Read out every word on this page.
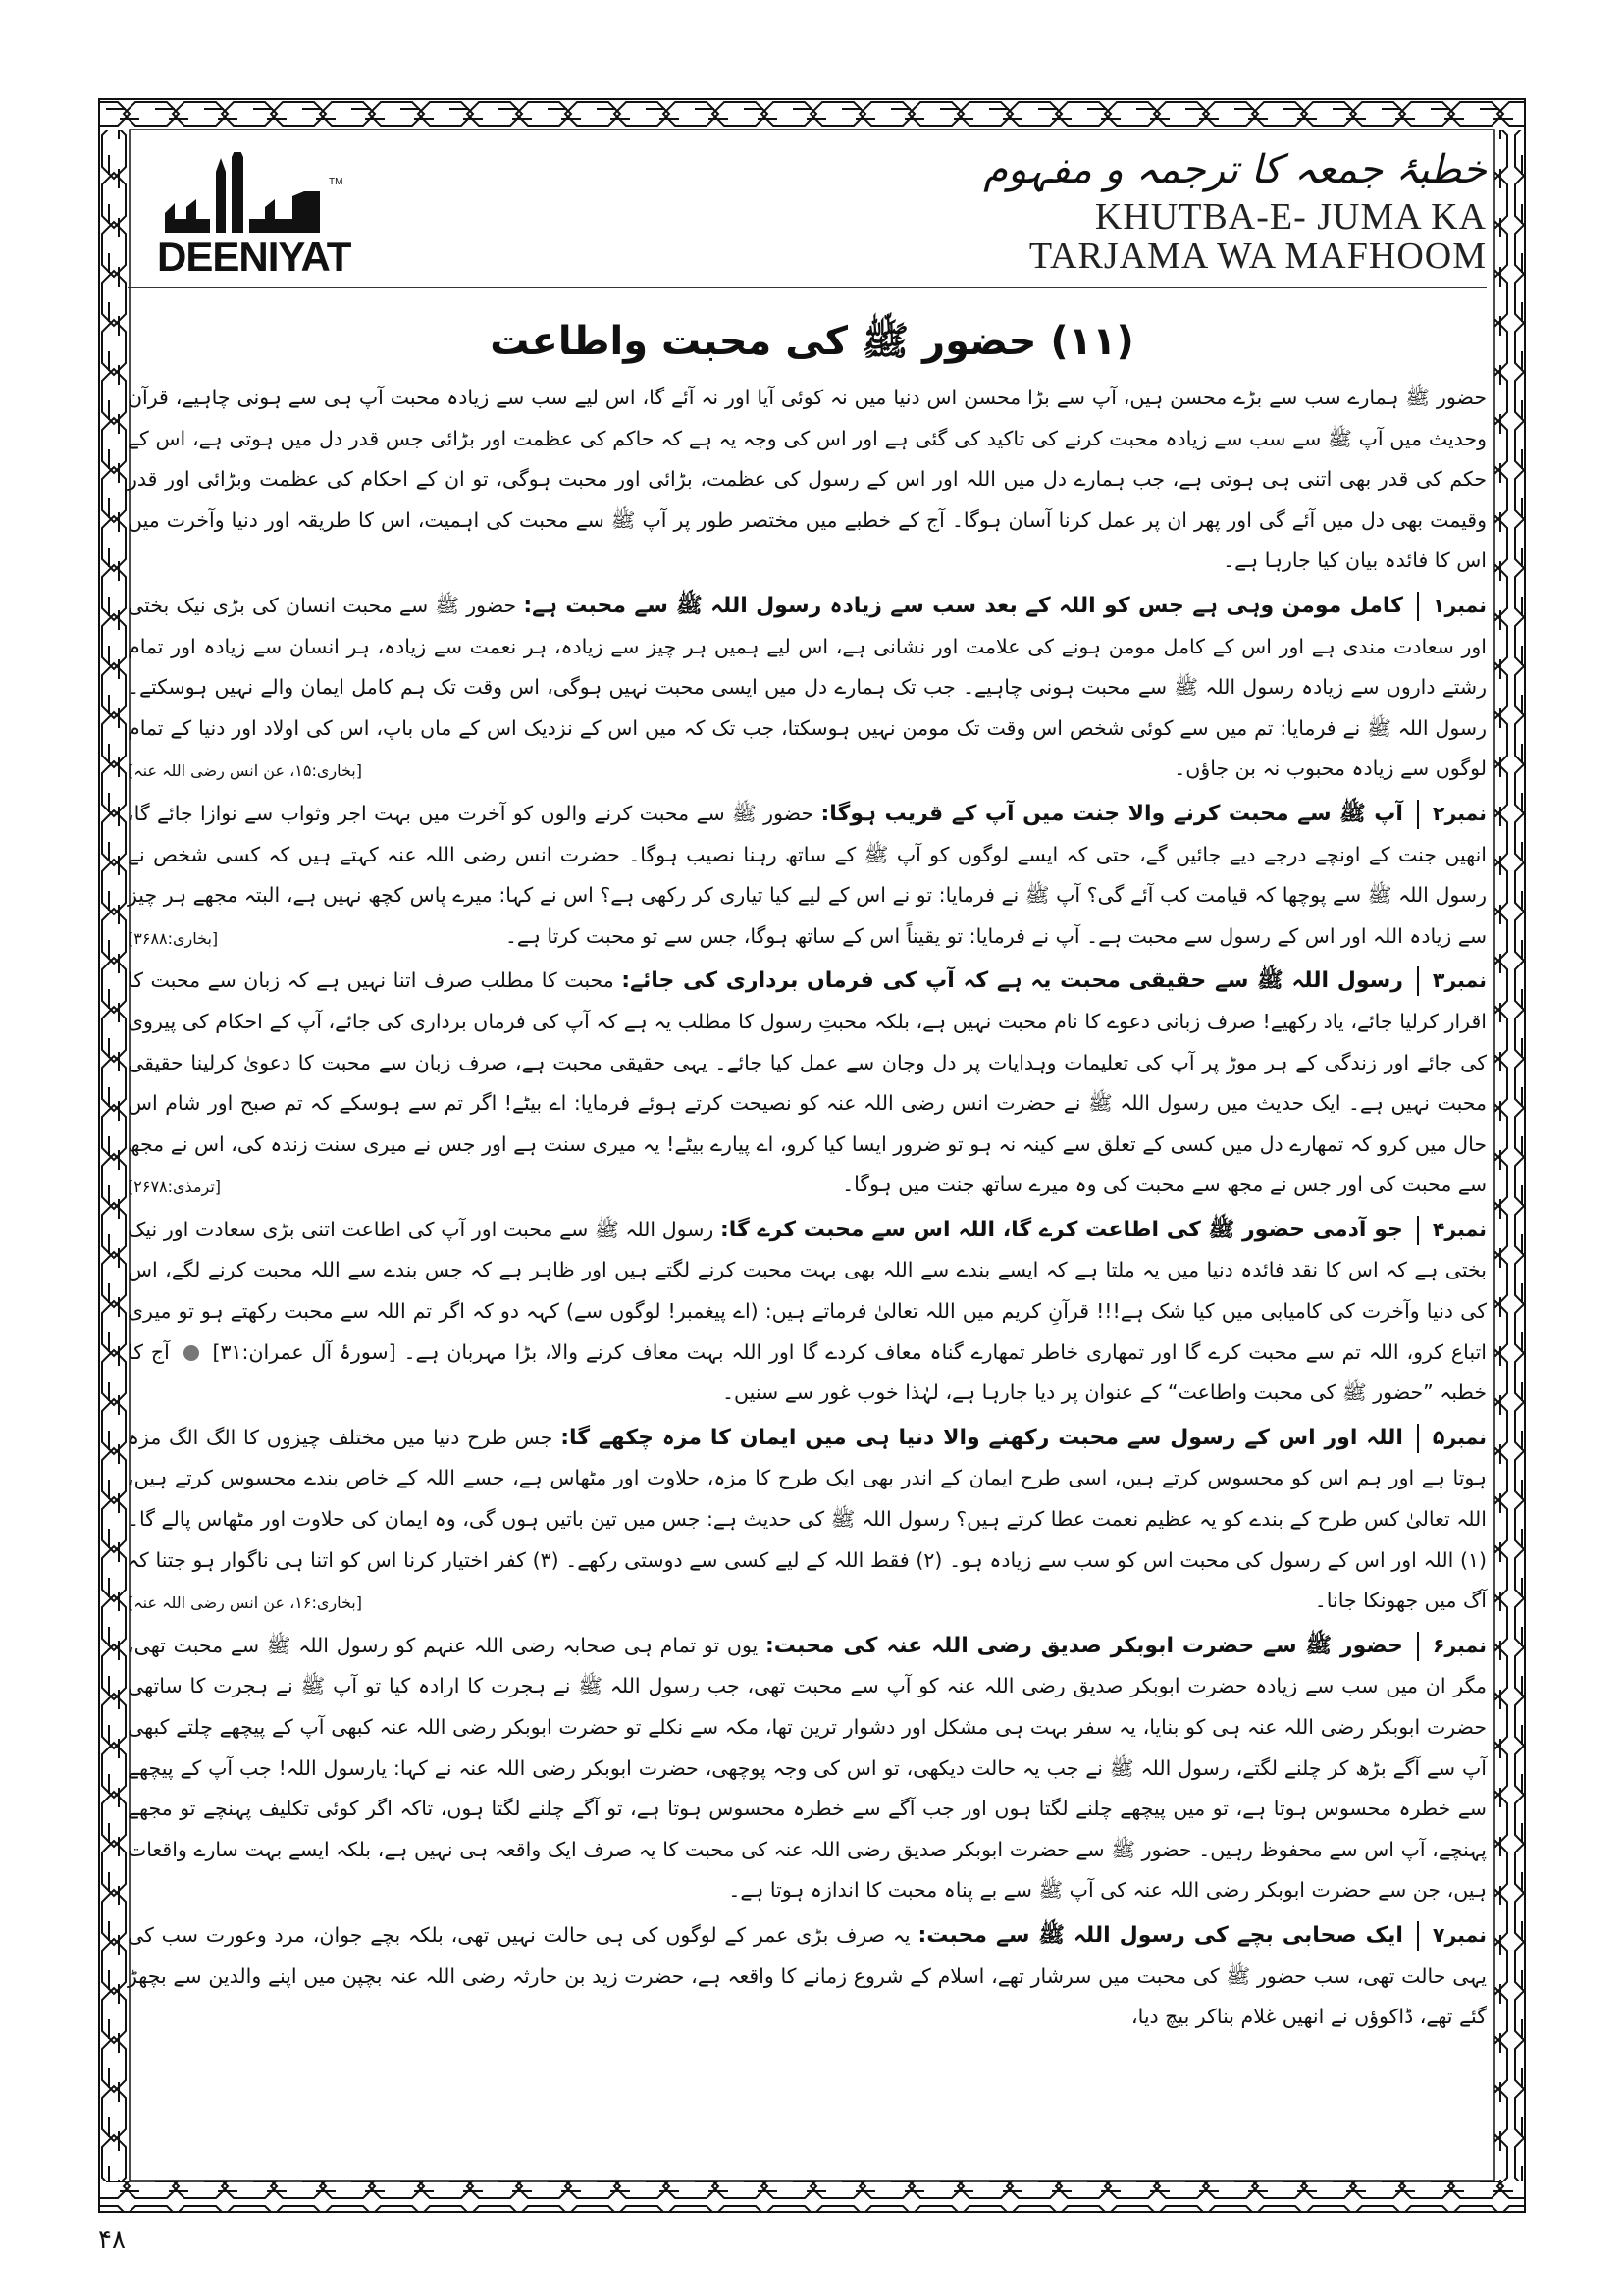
TM
DEENIYAT
خطبۂ جمعہ کا ترجمہ و مفہوم
KHUTBA-E- JUMA KA
TARJAMA WA MAFHOOM
(۱۱) حضور ﷺ کی محبت واطاعت

حضور ﷺ ہمارے سب سے بڑے محسن ہیں، آپ سے بڑا محسن اس دنیا میں نہ کوئی آیا اور نہ آئے گا، اس لیے سب سے زیادہ محبت آپ ہی سے ہونی چاہیے، قرآن وحدیث میں آپ ﷺ سے سب سے زیادہ محبت کرنے کی تاکید کی گئی ہے اور اس کی وجہ یہ ہے کہ حاکم کی عظمت اور بڑائی جس قدر دل میں ہوتی ہے، اس کے حکم کی قدر بھی اتنی ہی ہوتی ہے، جب ہمارے دل میں اللہ اور اس کے رسول کی عظمت، بڑائی اور محبت ہوگی، تو ان کے احکام کی عظمت وبڑائی اور قدر وقیمت بھی دل میں آئے گی اور پھر ان پر عمل کرنا آسان ہوگا۔ آج کے خطبے میں مختصر طور پر آپ ﷺ سے محبت کی اہمیت، اس کا طریقہ اور دنیا وآخرت میں اس کا فائدہ بیان کیا جارہا ہے۔

نمبر۱کامل مومن وہی ہے جس کو اللہ کے بعد سب سے زیادہ رسول اللہ ﷺ سے محبت ہے: حضور ﷺ سے محبت انسان کی بڑی نیک بختی اور سعادت مندی ہے اور اس کے کامل مومن ہونے کی علامت اور نشانی ہے، اس لیے ہمیں ہر چیز سے زیادہ، ہر نعمت سے زیادہ، ہر انسان سے زیادہ اور تمام رشتے داروں سے زیادہ رسول اللہ ﷺ سے محبت ہونی چاہیے۔ جب تک ہمارے دل میں ایسی محبت نہیں ہوگی، اس وقت تک ہم کامل ایمان والے نہیں ہوسکتے۔ رسول اللہ ﷺ نے فرمایا: تم میں سے کوئی شخص اس وقت تک مومن نہیں ہوسکتا، جب تک کہ میں اس کے نزدیک اس کے ماں باپ، اس کی اولاد اور دنیا کے تمام لوگوں سے زیادہ محبوب نہ بن جاؤں۔
[بخاری:۱۵، عن انس رضی اللہ عنہ]
نمبر۲آپ ﷺ سے محبت کرنے والا جنت میں آپ کے قریب ہوگا: حضور ﷺ سے محبت کرنے والوں کو آخرت میں بہت اجر وثواب سے نوازا جائے گا، انھیں جنت کے اونچے درجے دیے جائیں گے، حتی کہ ایسے لوگوں کو آپ ﷺ کے ساتھ رہنا نصیب ہوگا۔ حضرت انس رضی اللہ عنہ کہتے ہیں کہ کسی شخص نے رسول اللہ ﷺ سے پوچھا کہ قیامت کب آئے گی؟ آپ ﷺ نے فرمایا: تو نے اس کے لیے کیا تیاری کر رکھی ہے؟ اس نے کہا: میرے پاس کچھ نہیں ہے، البتہ مجھے ہر چیز سے زیادہ اللہ اور اس کے رسول سے محبت ہے۔ آپ نے فرمایا: تو یقیناً اس کے ساتھ ہوگا، جس سے تو محبت کرتا ہے۔
[بخاری:۳۶۸۸]
نمبر۳رسول اللہ ﷺ سے حقیقی محبت یہ ہے کہ آپ کی فرماں برداری کی جائے: محبت کا مطلب صرف اتنا نہیں ہے کہ زبان سے محبت کا اقرار کرلیا جائے، یاد رکھیے! صرف زبانی دعوے کا نام محبت نہیں ہے، بلکہ محبتِ رسول کا مطلب یہ ہے کہ آپ کی فرماں برداری کی جائے، آپ کے احکام کی پیروی کی جائے اور زندگی کے ہر موڑ پر آپ کی تعلیمات وہدایات پر دل وجان سے عمل کیا جائے۔ یہی حقیقی محبت ہے، صرف زبان سے محبت کا دعویٰ کرلینا حقیقی محبت نہیں ہے۔ ایک حدیث میں رسول اللہ ﷺ نے حضرت انس رضی اللہ عنہ کو نصیحت کرتے ہوئے فرمایا: اے بیٹے! اگر تم سے ہوسکے کہ تم صبح اور شام اس حال میں کرو کہ تمھارے دل میں کسی کے تعلق سے کینہ نہ ہو تو ضرور ایسا کیا کرو، اے پیارے بیٹے! یہ میری سنت ہے اور جس نے میری سنت زندہ کی، اس نے مجھ سے محبت کی اور جس نے مجھ سے محبت کی وہ میرے ساتھ جنت میں ہوگا۔
[ترمذی:۲۶۷۸]
نمبر۴جو آدمی حضور ﷺ کی اطاعت کرے گا، اللہ اس سے محبت کرے گا: رسول اللہ ﷺ سے محبت اور آپ کی اطاعت اتنی بڑی سعادت اور نیک بختی ہے کہ اس کا نقد فائدہ دنیا میں یہ ملتا ہے کہ ایسے بندے سے اللہ بھی بہت محبت کرنے لگتے ہیں اور ظاہر ہے کہ جس بندے سے اللہ محبت کرنے لگے، اس کی دنیا وآخرت کی کامیابی میں کیا شک ہے!!! قرآنِ کریم میں اللہ تعالیٰ فرماتے ہیں: (اے پیغمبر! لوگوں سے) کہہ دو کہ اگر تم اللہ سے محبت رکھتے ہو تو میری اتباع کرو، اللہ تم سے محبت کرے گا اور تمھاری خاطر تمھارے گناہ معاف کردے گا اور اللہ بہت معاف کرنے والا، بڑا مہربان ہے۔ [سورۂ آل عمران:۳۱]  آج کا خطبہ ”حضور ﷺ کی محبت واطاعت“ کے عنوان پر دیا جارہا ہے، لہٰذا خوب غور سے سنیں۔
نمبر۵اللہ اور اس کے رسول سے محبت رکھنے والا دنیا ہی میں ایمان کا مزہ چکھے گا: جس طرح دنیا میں مختلف چیزوں کا الگ الگ مزہ ہوتا ہے اور ہم اس کو محسوس کرتے ہیں، اسی طرح ایمان کے اندر بھی ایک طرح کا مزہ، حلاوت اور مٹھاس ہے، جسے اللہ کے خاص بندے محسوس کرتے ہیں، اللہ تعالیٰ کس طرح کے بندے کو یہ عظیم نعمت عطا کرتے ہیں؟ رسول اللہ ﷺ کی حدیث ہے: جس میں تین باتیں ہوں گی، وہ ایمان کی حلاوت اور مٹھاس پالے گا۔ (۱) اللہ اور اس کے رسول کی محبت اس کو سب سے زیادہ ہو۔ (۲) فقط اللہ کے لیے کسی سے دوستی رکھے۔ (۳) کفر اختیار کرنا اس کو اتنا ہی ناگوار ہو جتنا کہ آگ میں جھونکا جانا۔
[بخاری:۱۶، عن انس رضی اللہ عنہ]
نمبر۶حضور ﷺ سے حضرت ابوبکر صدیق رضی اللہ عنہ کی محبت: یوں تو تمام ہی صحابہ رضی اللہ عنہم کو رسول اللہ ﷺ سے محبت تھی، مگر ان میں سب سے زیادہ حضرت ابوبکر صدیق رضی اللہ عنہ کو آپ سے محبت تھی، جب رسول اللہ ﷺ نے ہجرت کا ارادہ کیا تو آپ ﷺ نے ہجرت کا ساتھی حضرت ابوبکر رضی اللہ عنہ ہی کو بنایا، یہ سفر بہت ہی مشکل اور دشوار ترین تھا، مکہ سے نکلے تو حضرت ابوبکر رضی اللہ عنہ کبھی آپ کے پیچھے چلتے کبھی آپ سے آگے بڑھ کر چلنے لگتے، رسول اللہ ﷺ نے جب یہ حالت دیکھی، تو اس کی وجہ پوچھی، حضرت ابوبکر رضی اللہ عنہ نے کہا: یارسول اللہ! جب آپ کے پیچھے سے خطرہ محسوس ہوتا ہے، تو میں پیچھے چلنے لگتا ہوں اور جب آگے سے خطرہ محسوس ہوتا ہے، تو آگے چلنے لگتا ہوں، تاکہ اگر کوئی تکلیف پہنچے تو مجھے پہنچے، آپ اس سے محفوظ رہیں۔ حضور ﷺ سے حضرت ابوبکر صدیق رضی اللہ عنہ کی محبت کا یہ صرف ایک واقعہ ہی نہیں ہے، بلکہ ایسے بہت سارے واقعات ہیں، جن سے حضرت ابوبکر رضی اللہ عنہ کی آپ ﷺ سے بے پناہ محبت کا اندازہ ہوتا ہے۔
نمبر۷ایک صحابی بچے کی رسول اللہ ﷺ سے محبت: یہ صرف بڑی عمر کے لوگوں کی ہی حالت نہیں تھی، بلکہ بچے جوان، مرد وعورت سب کی یہی حالت تھی، سب حضور ﷺ کی محبت میں سرشار تھے، اسلام کے شروع زمانے کا واقعہ ہے، حضرت زید بن حارثہ رضی اللہ عنہ بچپن میں اپنے والدین سے بچھڑ گئے تھے، ڈاکوؤں نے انھیں غلام بناکر بیچ دیا،
۴۸
